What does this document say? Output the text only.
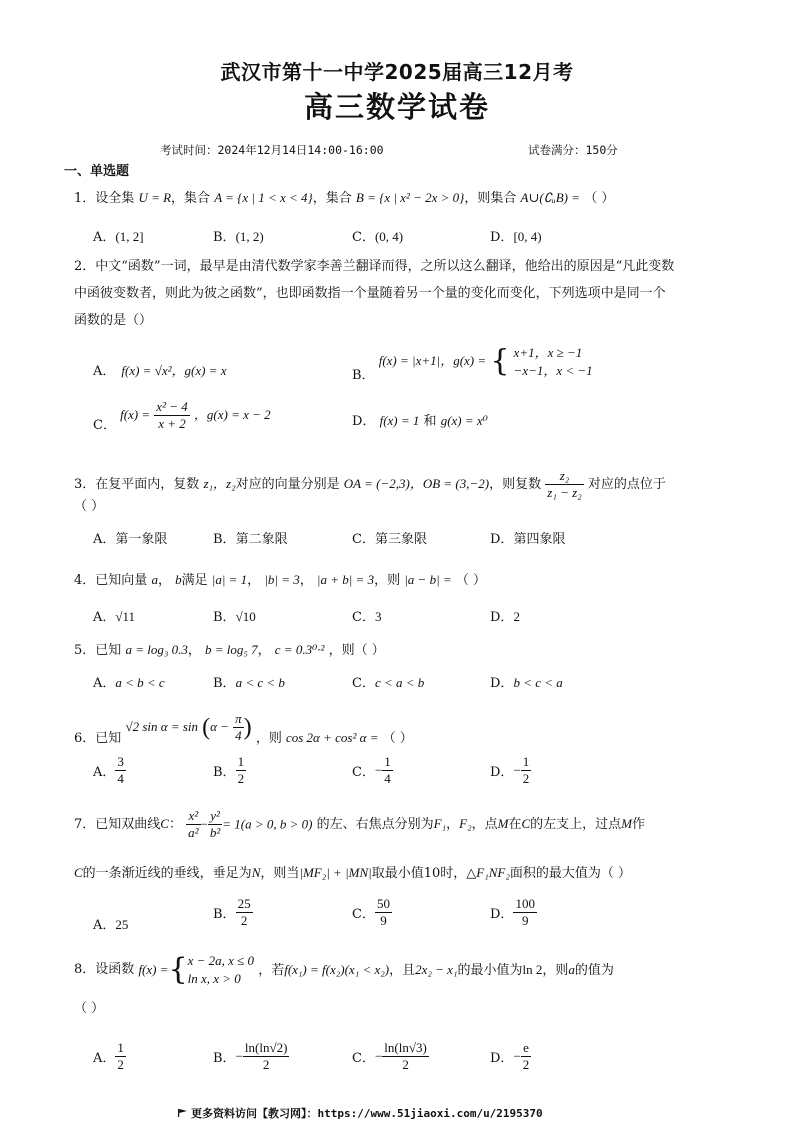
武汉市第十一中学2025届高三12月考
高三数学试卷
考试时间：2024年12月14日14:00-16:00	试卷满分：150分
一、单选题
1．设全集 U = R，集合 A = {x | 1 < x < 4}，集合 B = {x | x² − 2x > 0}，则集合 A∪(∁ᵤB) = （ ）
A．(1, 2]	B．(1, 2)	C．(0, 4)	D．[0, 4)
2．中文“函数”一词，最早是由清代数学家李善兰翻译而得，之所以这么翻译，他给出的原因是“凡此变数
中函彼变数者，则此为彼之函数”，也即函数指一个量随着另一个量的变化而变化，下列选项中是同一个
函数的是（）
A． f(x) = √x²，g(x) = x	B． f(x) = |x+1|，g(x) = { x+1，x ≥ −1
−x−1，x < −1
C． $f(x) = \frac{\text{x² − 4}}{x + 2}$ ，g(x) = x − 2	D． f(x) = 1 和 g(x) = x⁰
3．在复平面内，复数 z₁，z₂对应的向量分别是 OA = (−2,3)，OB = (3,−2)，则复数 $\frac{\text{z₂}}{\text{z₁ − z₂}}$ 对应的点位于
（ ）
A．第一象限	B．第二象限	C．第三象限	D．第四象限
4．已知向量 a， b满足 |a| = 1， |b| = 3， |a + b| = 3，则 |a − b| = （ ）
A．√11	B．√10	C．3	D．2
5．已知 a = log₃ 0.3， b = log₅ 7， c = 0.3⁰·² ，则（ ）
A．a < b < c	B．a < c < b	C．c < a < b	D．b < c < a
6．已知 √2 $\sin \alpha = \sin (\alpha - \frac{\pi}{4}$ ) ，则 cos 2α + cos² α = （ ）
A． $\frac{3}{4}$	B． $\frac{1}{2}$	C．− $\frac{1}{4}$	D．− $\frac{1}{2}$
7．已知双曲线C： $\frac{\text{x²}}{\text{a²}} - \frac{\text{y²}}{\text{b²}} = 1(a > 0$, b > 0) 的左、右焦点分别为F₁，F₂，点M在C的左支上，过点M作
C的一条渐近线的垂线，垂足为N，则当|MF₂| + |MN|取最小值10时，△F₁NF₂面积的最大值为（ ）
A．25
B． $\frac{25}{2}$	C． $\frac{50}{9}$	D． $\frac{100}{9}$
8．设函数 f(x) ={ x − 2a, x ≤ 0
ln x, x > 0
，若f(x₁) = f(x₂)(x₁ < x₂)，且2x₂ − x₁的最小值为ln 2，则a的值为
（ ）
A． $\frac{1}{2}$	B．− $\frac{\ln(\ln√2)}{2}$	C．− $\frac{\ln(\ln√3)}{2}$	D．− $\frac{e}{2}$
更多资料访问【教习网】：https://www.51jiaoxi.com/u/2195370
